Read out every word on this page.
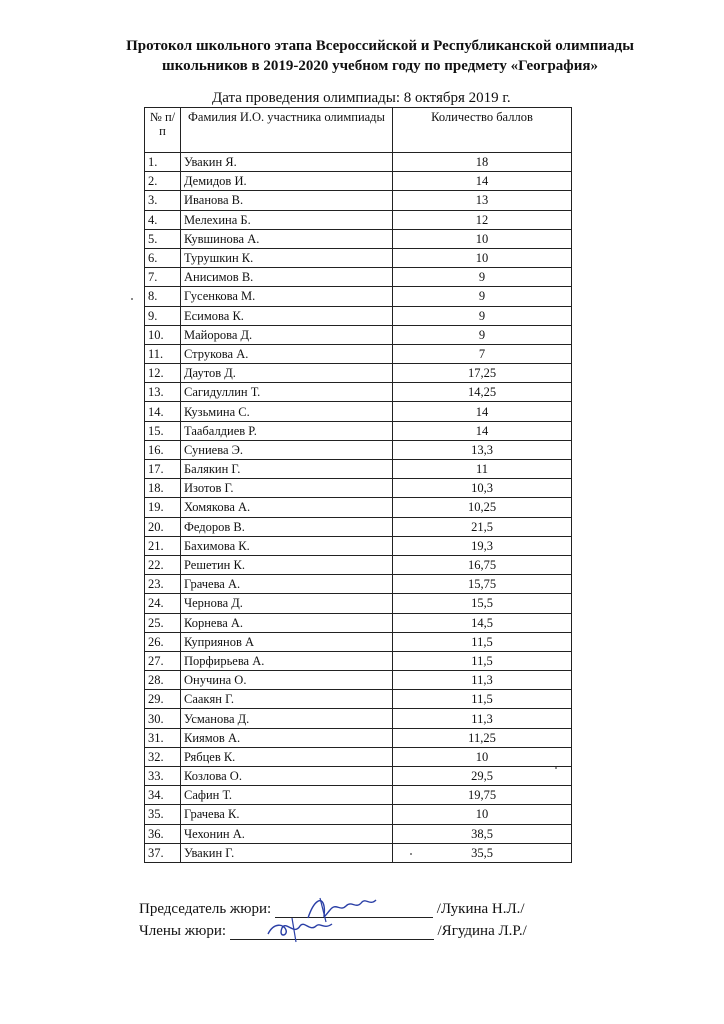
Протокол школьного этапа Всероссийской и Республиканской олимпиады
школьников в 2019-2020 учебном году по предмету «География»
Дата проведения олимпиады: 8 октября 2019 г.
№ п/п	Фамилия И.О. участника олимпиады	Количество баллов
1.	Увакин Я.	18
2.	Демидов И.	14
3.	Иванова В.	13
4.	Мелехина Б.	12
5.	Кувшинова А.	10
6.	Турушкин К.	10
7.	Анисимов В.	9
8.	Гусенкова М.	9
9.	Есимова К.	9
10.	Майорова Д.	9
11.	Струкова А.	7
12.	Даутов Д.	17,25
13.	Сагидуллин Т.	14,25
14.	Кузьмина С.	14
15.	Таабалдиев Р.	14
16.	Суниева Э.	13,3
17.	Балякин Г.	11
18.	Изотов Г.	10,3
19.	Хомякова А.	10,25
20.	Федоров В.	21,5
21.	Бахимова К.	19,3
22.	Решетин К.	16,75
23.	Грачева А.	15,75
24.	Чернова Д.	15,5
25.	Корнева А.	14,5
26.	Куприянов А	11,5
27.	Порфирьева А.	11,5
28.	Онучина О.	11,3
29.	Саакян Г.	11,5
30.	Усманова Д.	11,3
31.	Киямов А.	11,25
32.	Рябцев К.	10
33.	Козлова О.	29,5
34.	Сафин Т.	19,75
35.	Грачева К.	10
36.	Чехонин А.	38,5
37.	Увакин Г.	35,5
Председатель жюри:	/Лукина Н.Л./
Члены жюри:	/Ягудина Л.Р./
